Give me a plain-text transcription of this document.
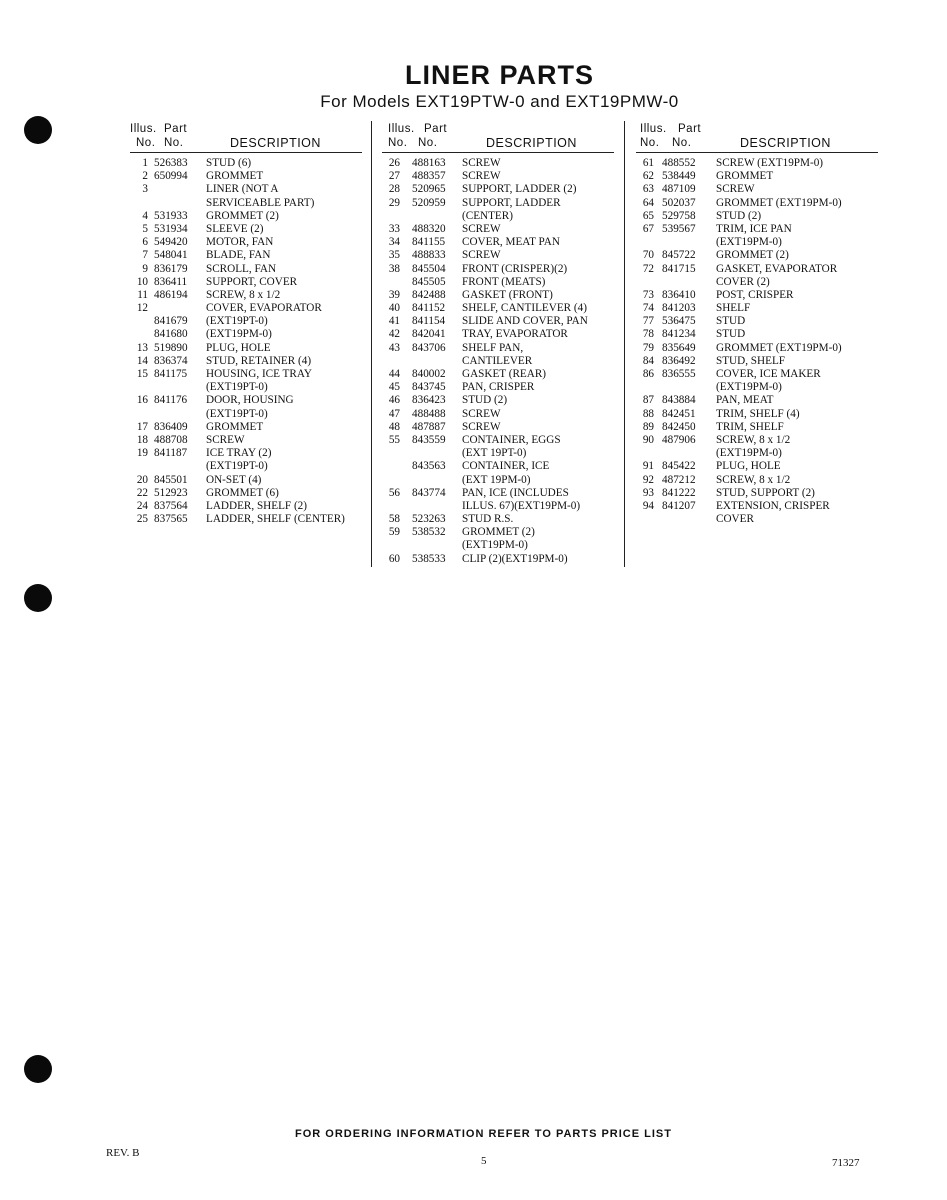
LINER PARTS
For Models EXT19PTW-0 and EXT19PMW-0
Illus. Part
No. No.	DESCRIPTION
1 526383 STUD (6)
2 650994 GROMMET
3	LINER (NOT A
SERVICEABLE PART)
4 531933 GROMMET (2)
5 531934 SLEEVE (2)
6 549420 MOTOR, FAN
7 548041 BLADE, FAN
9 836179 SCROLL, FAN
10 836411 SUPPORT, COVER
11 486194 SCREW, 8 x 1/2
12	COVER, EVAPORATOR
841679 (EXT19PT-0)
841680 (EXT19PM-0)
13 519890 PLUG, HOLE
14 836374 STUD, RETAINER (4)
15 841175 HOUSING, ICE TRAY
(EXT19PT-0)
16 841176 DOOR, HOUSING
(EXT19PT-0)
17 836409 GROMMET
18 488708 SCREW
19 841187 ICE TRAY (2)
(EXT19PT-0)
20 845501 ON-SET (4)
22 512923 GROMMET (6)
24 837564 LADDER, SHELF (2)
25 837565 LADDER, SHELF (CENTER)
Illus. Part
No. No.	DESCRIPTION
26 488163 SCREW
27 488357 SCREW
28 520965 SUPPORT, LADDER (2)
29 520959 SUPPORT, LADDER
(CENTER)
33 488320 SCREW
34 841155 COVER, MEAT PAN
35 488833 SCREW
38 845504 FRONT (CRISPER)(2)
845505 FRONT (MEATS)
39 842488 GASKET (FRONT)
40 841152 SHELF, CANTILEVER (4)
41 841154 SLIDE AND COVER, PAN
42 842041 TRAY, EVAPORATOR
43 843706 SHELF PAN,
CANTILEVER
44 840002 GASKET (REAR)
45 843745 PAN, CRISPER
46 836423 STUD (2)
47 488488 SCREW
48 487887 SCREW
55 843559 CONTAINER, EGGS
(EXT 19PT-0)
843563 CONTAINER, ICE
(EXT 19PM-0)
56 843774 PAN, ICE (INCLUDES
ILLUS. 67)(EXT19PM-0)
58 523263 STUD R.S.
59 538532 GROMMET (2)
(EXT19PM-0)
60 538533 CLIP (2)(EXT19PM-0)
Illus. Part
No. No.	DESCRIPTION
61 488552 SCREW (EXT19PM-0)
62 538449 GROMMET
63 487109 SCREW
64 502037 GROMMET (EXT19PM-0)
65 529758 STUD (2)
67 539567 TRIM, ICE PAN
(EXT19PM-0)
70 845722 GROMMET (2)
72 841715 GASKET, EVAPORATOR
COVER (2)
73 836410 POST, CRISPER
74 841203 SHELF
77 536475 STUD
78 841234 STUD
79 835649 GROMMET (EXT19PM-0)
84 836492 STUD, SHELF
86 836555 COVER, ICE MAKER
(EXT19PM-0)
87 843884 PAN, MEAT
88 842451 TRIM, SHELF (4)
89 842450 TRIM, SHELF
90 487906 SCREW, 8 x 1/2
(EXT19PM-0)
91 845422 PLUG, HOLE
92 487212 SCREW, 8 x 1/2
93 841222 STUD, SUPPORT (2)
94 841207 EXTENSION, CRISPER
COVER
FOR ORDERING INFORMATION REFER TO PARTS PRICE LIST
REV. B
5	71327
